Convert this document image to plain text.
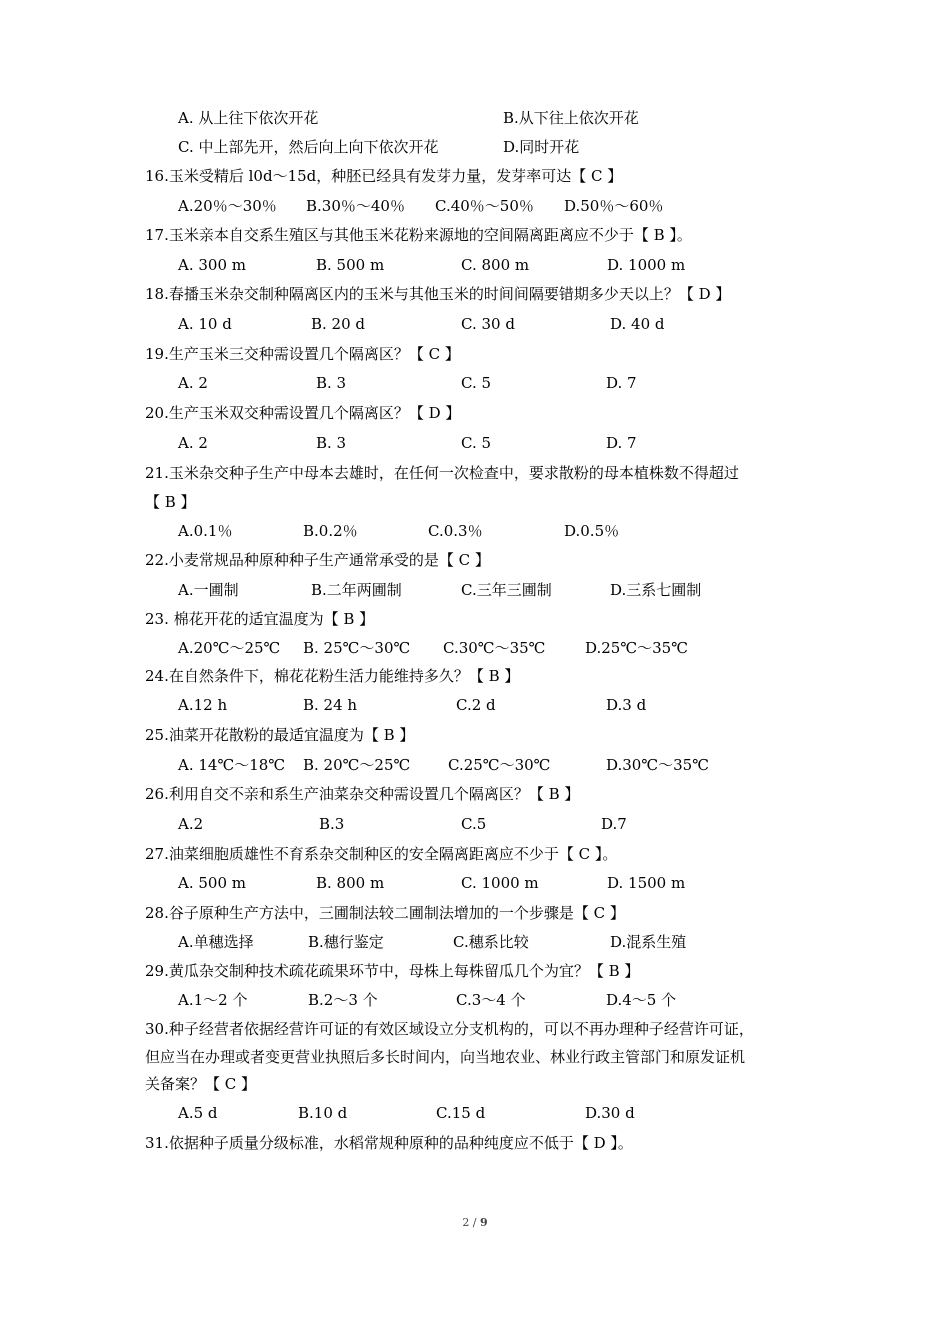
A. 从上往下依次开花	B.从下往上依次开花
C. 中上部先开，然后向上向下依次开花	D.同时开花
16.玉米受精后 l0d～15d，种胚已经具有发芽力量，发芽率可达【 C 】
A.20％～30％ B.30％～40％ C.40％～50％ D.50％～60％
17.玉米亲本自交系生殖区与其他玉米花粉来源地的空间隔离距离应不少于【 B 】。
A. 300 m	B. 500 m	C. 800 m	D. 1000 m
18.春播玉米杂交制种隔离区内的玉米与其他玉米的时间间隔要错期多少天以上？【 D 】
A. 10 d	B. 20 d	C. 30 d	D. 40 d
19.生产玉米三交种需设置几个隔离区？【 C 】
A. 2	B. 3	C. 5	D. 7
20.生产玉米双交种需设置几个隔离区？【 D 】
A. 2	B. 3	C. 5	D. 7
21.玉米杂交种子生产中母本去雄时，在任何一次检查中，要求散粉的母本植株数不得超过
【 B 】
A.0.1％	B.0.2％	C.0.3％	D.0.5％
22.小麦常规品种原种种子生产通常承受的是【 C 】
A.一圃制	B.二年两圃制	C.三年三圃制	D.三系七圃制
23. 棉花开花的适宜温度为【 B 】
A.20℃～25℃ B. 25℃～30℃ C.30℃～35℃	D.25℃～35℃
24.在自然条件下，棉花花粉生活力能维持多久？【 B 】
A.12 h	B. 24 h	C.2 d	D.3 d
25.油菜开花散粉的最适宜温度为【 B 】
A. 14℃～18℃ B. 20℃～25℃	C.25℃～30℃	D.30℃～35℃
26.利用自交不亲和系生产油菜杂交种需设置几个隔离区？【 B 】
A.2	B.3	C.5	D.7
27.油菜细胞质雄性不育系杂交制种区的安全隔离距离应不少于【 C 】。
A. 500 m	B. 800 m	C. 1000 m	D. 1500 m
28.谷子原种生产方法中，三圃制法较二圃制法增加的一个步骤是【 C 】
A.单穗选择	B.穗行鉴定	C.穗系比较	D.混系生殖
29.黄瓜杂交制种技术疏花疏果环节中，母株上每株留瓜几个为宜？【 B 】
A.1～2 个	B.2～3 个	C.3～4 个	D.4～5 个
30.种子经营者依据经营许可证的有效区域设立分支机构的，可以不再办理种子经营许可证，
但应当在办理或者变更营业执照后多长时间内，向当地农业、林业行政主管部门和原发证机
关备案？【 C 】
A.5 d	B.10 d	C.15 d	D.30 d
31.依据种子质量分级标准，水稻常规种原种的品种纯度应不低于【 D 】。
2 / 9
